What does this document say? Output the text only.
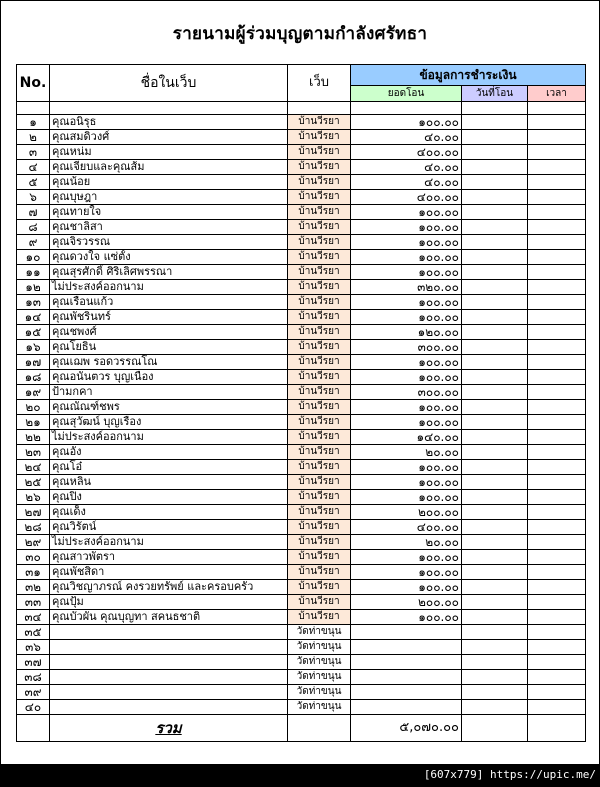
รายนามผู้ร่วมบุญตามกำลังศรัทธา
No.	ชื่อในเว็บ	เว็บ	ข้อมูลการชำระเงิน		
			ยอดโอน	วันที่โอน	เวลา

๑	คุณอนิรุธ	บ้านวีรยา	๑๐๐.๐๐		
๒	คุณสมดิวงศ์	บ้านวีรยา	๔๐.๐๐		
๓	คุณหน่ม	บ้านวีรยา	๔๐๐.๐๐		
๔	คุณเจียบและคุณส้ม	บ้านวีรยา	๔๐.๐๐		
๕	คุณน้อย	บ้านวีรยา	๔๐.๐๐		
๖	คุณบุษฎา	บ้านวีรยา	๔๐๐.๐๐		
๗	คุณทายใจ	บ้านวีรยา	๑๐๐.๐๐		
๘	คุณชาลิสา	บ้านวีรยา	๑๐๐.๐๐		
๙	คุณจิรวรรณ	บ้านวีรยา	๑๐๐.๐๐		
๑๐	คุณดวงใจ แซ่ตั้ง	บ้านวีรยา	๑๐๐.๐๐		
๑๑	คุณสุรศักดิ์ ศิริเลิศพรรณา	บ้านวีรยา	๑๐๐.๐๐		
๑๒	ไม่ประสงค์ออกนาม	บ้านวีรยา	๓๒๐.๐๐		
๑๓	คุณเรือนแก้ว	บ้านวีรยา	๑๐๐.๐๐		
๑๔	คุณพัชรินทร์	บ้านวีรยา	๑๐๐.๐๐		
๑๕	คุณชพงศ์	บ้านวีรยา	๑๒๐.๐๐		
๑๖	คุณโยธิน	บ้านวีรยา	๓๐๐.๐๐		
๑๗	คุณเฌพ รอดวรรณโณ	บ้านวีรยา	๑๐๐.๐๐		
๑๘	คุณอนันตวร บุญเนือง	บ้านวีรยา	๑๐๐.๐๐		
๑๙	ป้ามกคา	บ้านวีรยา	๓๐๐.๐๐		
๒๐	คุณณัณฑ์ชพร	บ้านวีรยา	๑๐๐.๐๐		
๒๑	คุณสุวัฒน์ บุญเรือง	บ้านวีรยา	๑๐๐.๐๐		
๒๒	ไม่ประสงค์ออกนาม	บ้านวีรยา	๑๔๐.๐๐		
๒๓	คุณอัง	บ้านวีรยา	๒๐.๐๐		
๒๔	คุณโอ๋	บ้านวีรยา	๑๐๐.๐๐		
๒๕	คุณหลิน	บ้านวีรยา	๑๐๐.๐๐		
๒๖	คุณปิง	บ้านวีรยา	๑๐๐.๐๐		
๒๗	คุณเด็ง	บ้านวีรยา	๒๐๐.๐๐		
๒๘	คุณวิรัตน์	บ้านวีรยา	๔๐๐.๐๐		
๒๙	ไม่ประสงค์ออกนาม	บ้านวีรยา	๒๐.๐๐		
๓๐	คุณสาวพัตรา	บ้านวีรยา	๑๐๐.๐๐		
๓๑	คุณพัชสิดา	บ้านวีรยา	๑๐๐.๐๐		
๓๒	คุณวิชญาภรณ์ คงรวยทรัพย์ และครอบครัว	บ้านวีรยา	๑๐๐.๐๐		
๓๓	คุณปุ้ม	บ้านวีรยา	๒๐๐.๐๐		
๓๔	คุณบัวผัน คุณบุญทา สคนธชาติ	บ้านวีรยา	๑๐๐.๐๐		
๓๕		วัดท่าขนุน			
๓๖		วัดท่าขนุน			
๓๗		วัดท่าขนุน			
๓๘		วัดท่าขนุน			
๓๙		วัดท่าขนุน			
๔๐		วัดท่าขนุน			
	รวม		๕,๐๗๐.๐๐		
[607x779] https://upic.me/
